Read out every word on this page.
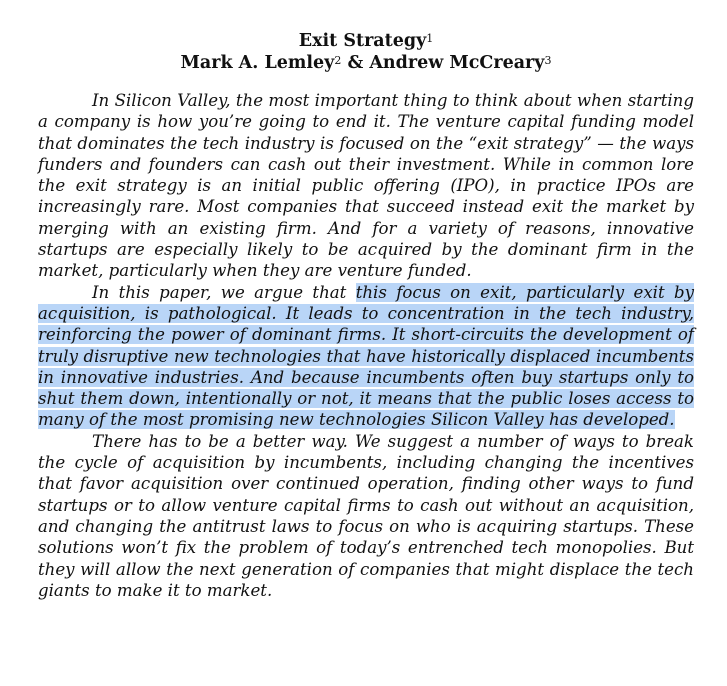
Exit Strategy$^1$
Mark A. Lemley$^2$ & Andrew McCreary$^3$

In Silicon Valley, the most important thing to think about when starting a company is how you’re going to end it. The venture capital funding model that dominates the tech industry is focused on the “exit strategy” — the ways funders and founders can cash out their investment. While in common lore the exit strategy is an initial public offering (IPO), in practice IPOs are increasingly rare. Most companies that succeed instead exit the market by merging with an existing firm. And for a variety of reasons, innovative startups are especially likely to be acquired by the dominant firm in the market, particularly when they are venture funded.

In this paper, we argue that this focus on exit, particularly exit by acquisition, is pathological. It leads to concentration in the tech industry, reinforcing the power of dominant firms. It short-circuits the development of truly disruptive new technologies that have historically displaced incumbents in innovative industries. And because incumbents often buy startups only to shut them down, intentionally or not, it means that the public loses access to many of the most promising new technologies Silicon Valley has developed.

There has to be a better way. We suggest a number of ways to break the cycle of acquisition by incumbents, including changing the incentives that favor acquisition over continued operation, finding other ways to fund startups or to allow venture capital firms to cash out without an acquisition, and changing the antitrust laws to focus on who is acquiring startups. These solutions won’t fix the problem of today’s entrenched tech monopolies. But they will allow the next generation of companies that might displace the tech giants to make it to market.
